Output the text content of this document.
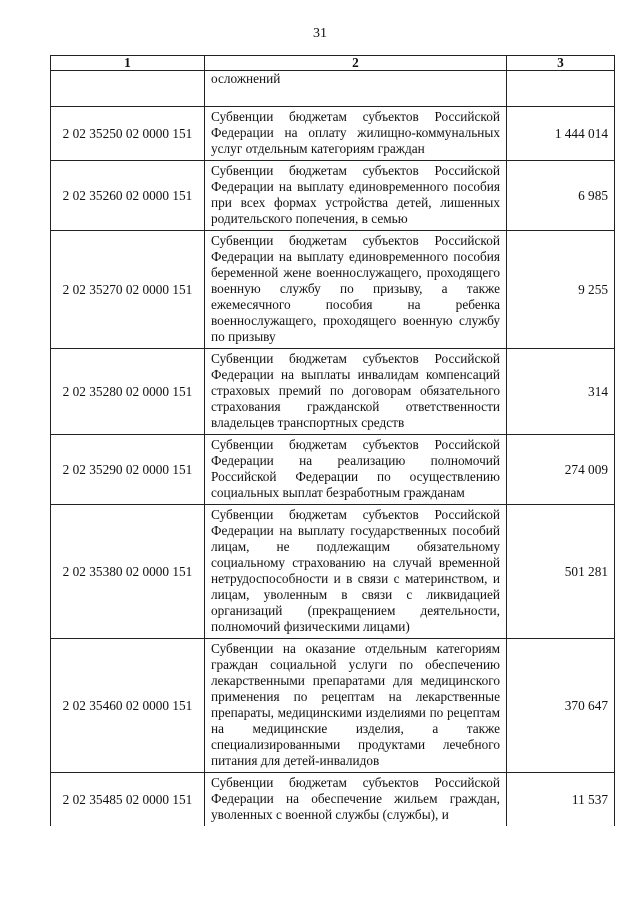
31
1	2	3
	осложнений	
2 02 35250 02 0000 151	Субвенции бюджетам субъектов Российской Федерации на оплату жилищно-коммунальных услуг отдельным категориям граждан	1 444 014
2 02 35260 02 0000 151	Субвенции бюджетам субъектов Российской Федерации на выплату единовременного пособия при всех формах устройства детей, лишенных родительского попечения, в семью	6 985
2 02 35270 02 0000 151	Субвенции бюджетам субъектов Российской Федерации на выплату единовременного пособия беременной жене военнослужащего, проходящего военную службу по призыву, а также ежемесячного пособия на ребенка военнослужащего, проходящего военную службу по призыву	9 255
2 02 35280 02 0000 151	Субвенции бюджетам субъектов Российской Федерации на выплаты инвалидам компенсаций страховых премий по договорам обязательного страхования гражданской ответственности владельцев транспортных средств	314
2 02 35290 02 0000 151	Субвенции бюджетам субъектов Российской Федерации на реализацию полномочий Российской Федерации по осуществлению социальных выплат безработным гражданам	274 009
2 02 35380 02 0000 151	Субвенции бюджетам субъектов Российской Федерации на выплату государственных пособий лицам, не подлежащим обязательному социальному страхованию на случай временной нетрудоспособности и в связи с материнством, и лицам, уволенным в связи с ликвидацией организаций (прекращением деятельности, полномочий физическими лицами)	501 281
2 02 35460 02 0000 151	Субвенции на оказание отдельным категориям граждан социальной услуги по обеспечению лекарственными препаратами для медицинского применения по рецептам на лекарственные препараты, медицинскими изделиями по рецептам на медицинские изделия, а также специализированными продуктами лечебного питания для детей-инвалидов	370 647
2 02 35485 02 0000 151	Субвенции бюджетам субъектов Российской Федерации на обеспечение жильем граждан, уволенных с военной службы (службы), и	11 537
